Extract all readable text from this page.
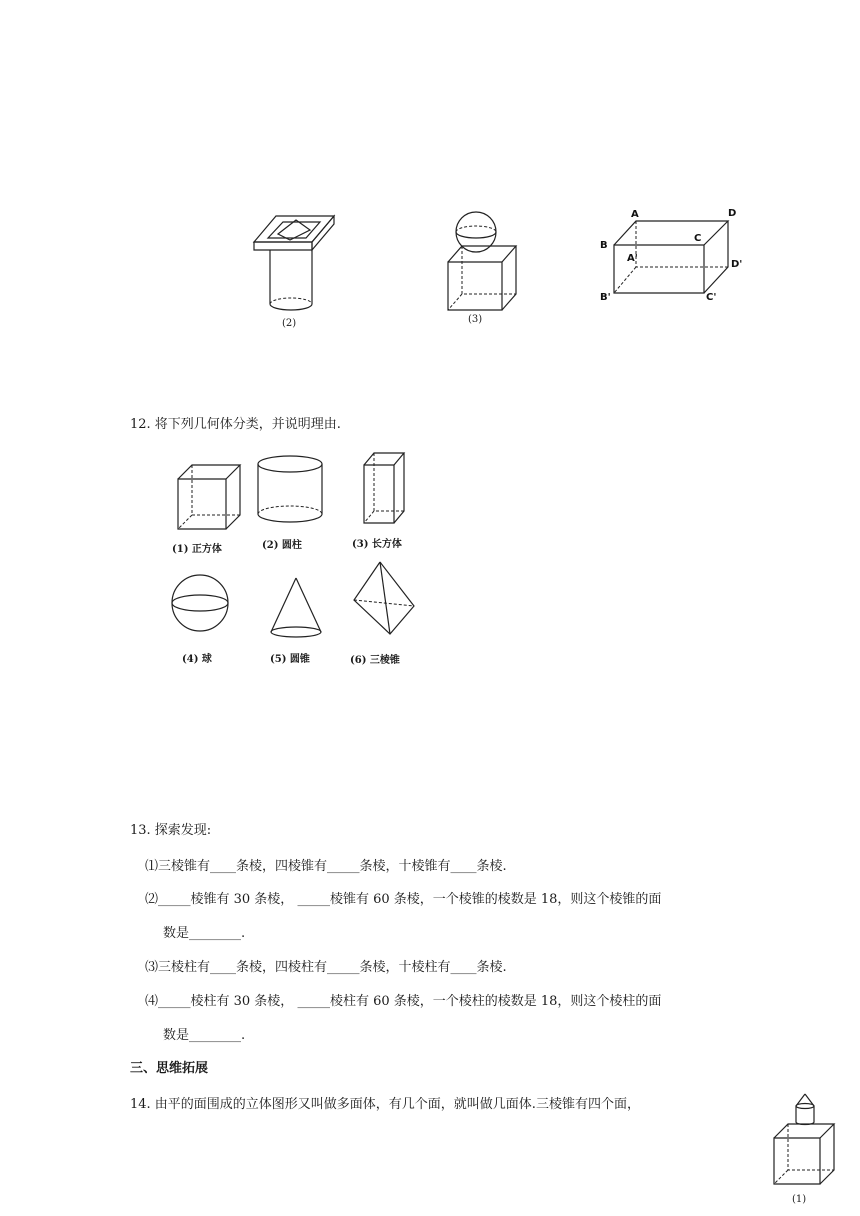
(2)	(3)
A	D
B
C
A'
D'
B'	C'
12. 将下列几何体分类，并说明理由.
(1) 正方体	(2) 圆柱	(3) 长方体
(4) 球	(5) 圆锥	(6) 三棱锥
13. 探索发现:
⑴三棱锥有____条棱，四棱锥有_____条棱，十棱锥有____条棱.
⑵_____棱锥有 30 条棱， _____棱锥有 60 条棱，一个棱锥的棱数是 18，则这个棱锥的面
数是________.
⑶三棱柱有____条棱，四棱柱有_____条棱，十棱柱有____条棱.
⑷_____棱柱有 30 条棱， _____棱柱有 60 条棱，一个棱柱的棱数是 18，则这个棱柱的面
数是________.
三、思维拓展
14. 由平的面围成的立体图形又叫做多面体，有几个面，就叫做几面体.三棱锥有四个面，
(1)
